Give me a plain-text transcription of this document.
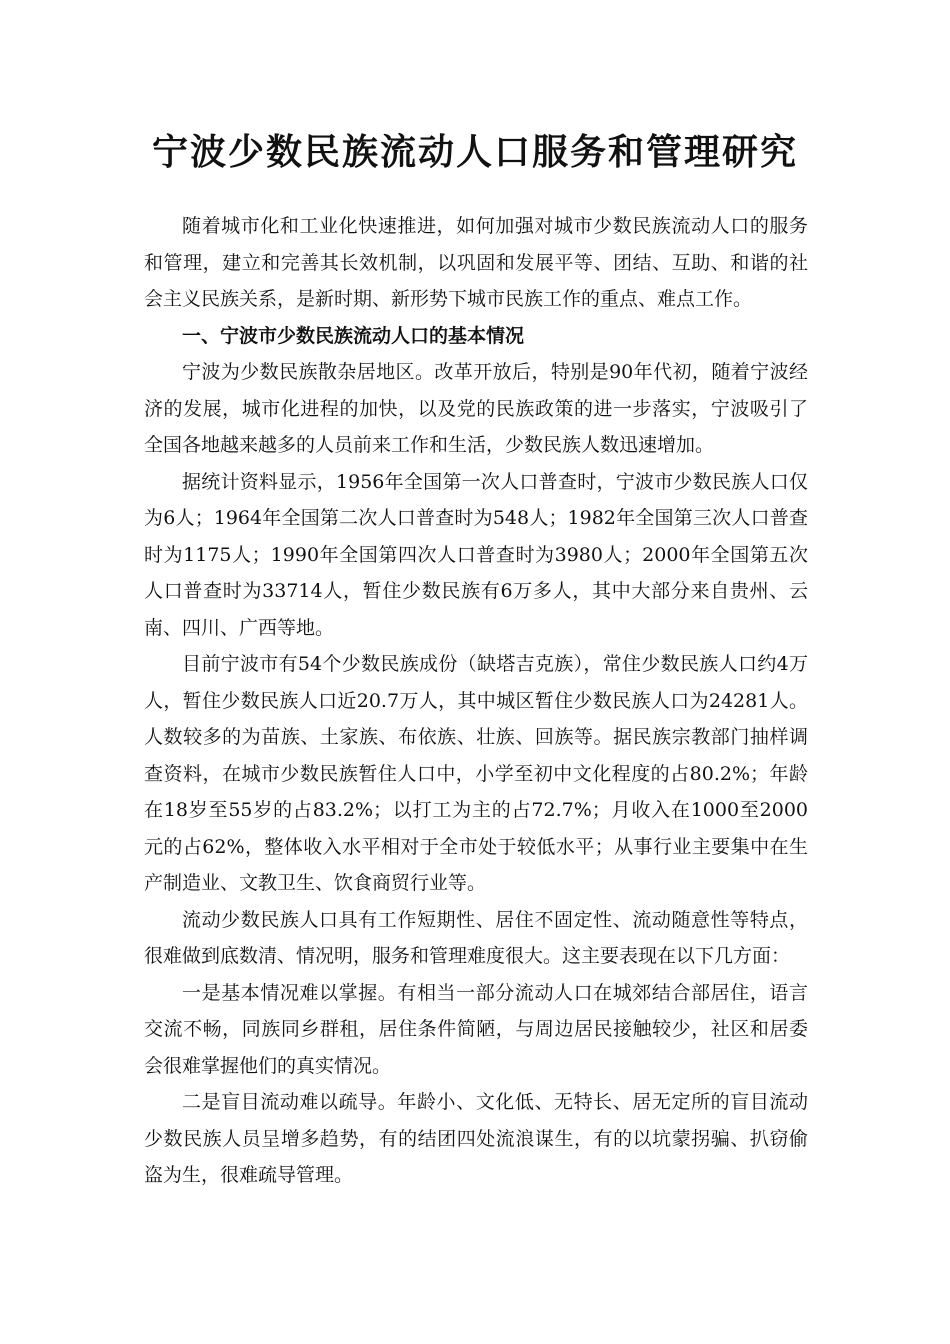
宁波少数民族流动人口服务和管理研究

随着城市化和工业化快速推进，如何加强对城市少数民族流动人口的服务和管理，建立和完善其长效机制，以巩固和发展平等、团结、互助、和谐的社会主义民族关系，是新时期、新形势下城市民族工作的重点、难点工作。

一、宁波市少数民族流动人口的基本情况

宁波为少数民族散杂居地区。改革开放后，特别是90年代初，随着宁波经济的发展，城市化进程的加快，以及党的民族政策的进一步落实，宁波吸引了全国各地越来越多的人员前来工作和生活，少数民族人数迅速增加。

据统计资料显示，1956年全国第一次人口普查时，宁波市少数民族人口仅为6人；1964年全国第二次人口普查时为548人；1982年全国第三次人口普查时为1175人；1990年全国第四次人口普查时为3980人；2000年全国第五次人口普查时为33714人，暂住少数民族有6万多人，其中大部分来自贵州、云南、四川、广西等地。

目前宁波市有54个少数民族成份（缺塔吉克族），常住少数民族人口约4万人，暂住少数民族人口近20.7万人，其中城区暂住少数民族人口为24281人。人数较多的为苗族、土家族、布依族、壮族、回族等。据民族宗教部门抽样调查资料，在城市少数民族暂住人口中，小学至初中文化程度的占80.2%；年龄在18岁至55岁的占83.2%；以打工为主的占72.7%；月收入在1000至2000元的占62%，整体收入水平相对于全市处于较低水平；从事行业主要集中在生产制造业、文教卫生、饮食商贸行业等。

流动少数民族人口具有工作短期性、居住不固定性、流动随意性等特点，很难做到底数清、情况明，服务和管理难度很大。这主要表现在以下几方面：

一是基本情况难以掌握。有相当一部分流动人口在城郊结合部居住，语言交流不畅，同族同乡群租，居住条件简陋，与周边居民接触较少，社区和居委会很难掌握他们的真实情况。

二是盲目流动难以疏导。年龄小、文化低、无特长、居无定所的盲目流动少数民族人员呈增多趋势，有的结团四处流浪谋生，有的以坑蒙拐骗、扒窃偷盗为生，很难疏导管理。
